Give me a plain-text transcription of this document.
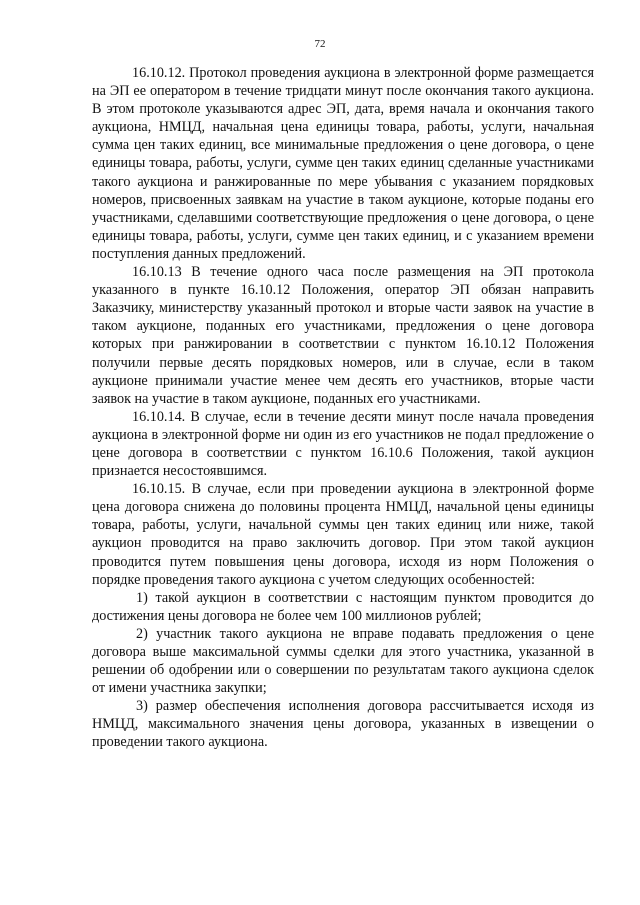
72

16.10.12. Протокол проведения аукциона в электронной форме размещается на ЭП ее оператором в течение тридцати минут после окончания такого аукциона. В этом протоколе указываются адрес ЭП, дата, время начала и окончания такого аукциона, НМЦД, начальная цена единицы товара, работы, услуги, начальная сумма цен таких единиц, все минимальные предложения о цене договора, о цене единицы товара, работы, услуги, сумме цен таких единиц сделанные участниками такого аукциона и ранжированные по мере убывания с указанием порядковых номеров, присвоенных заявкам на участие в таком аукционе, которые поданы его участниками, сделавшими соответствующие предложения о цене договора, о цене единицы товара, работы, услуги, сумме цен таких единиц, и с указанием времени поступления данных предложений.

16.10.13 В течение одного часа после размещения на ЭП протокола указанного в пункте 16.10.12 Положения, оператор ЭП обязан направить Заказчику, министерству указанный протокол и вторые части заявок на участие в таком аукционе, поданных его участниками, предложения о цене договора которых при ранжировании в соответствии с пунктом 16.10.12 Положения получили первые десять порядковых номеров, или в случае, если в таком аукционе принимали участие менее чем десять его участников, вторые части заявок на участие в таком аукционе, поданных его участниками.

16.10.14. В случае, если в течение десяти минут после начала проведения аукциона в электронной форме ни один из его участников не подал предложение о цене договора в соответствии с пунктом 16.10.6 Положения, такой аукцион признается несостоявшимся.

16.10.15. В случае, если при проведении аукциона в электронной форме цена договора снижена до половины процента НМЦД, начальной цены единицы товара, работы, услуги, начальной суммы цен таких единиц или ниже, такой аукцион проводится на право заключить договор. При этом такой аукцион проводится путем повышения цены договора, исходя из норм Положения о порядке проведения такого аукциона с учетом следующих особенностей:

1) такой аукцион в соответствии с настоящим пунктом проводится до достижения цены договора не более чем 100 миллионов рублей;

2) участник такого аукциона не вправе подавать предложения о цене договора выше максимальной суммы сделки для этого участника, указанной в решении об одобрении или о совершении по результатам такого аукциона сделок от имени участника закупки;

3) размер обеспечения исполнения договора рассчитывается исходя из НМЦД, максимального значения цены договора, указанных в извещении о проведении такого аукциона.
